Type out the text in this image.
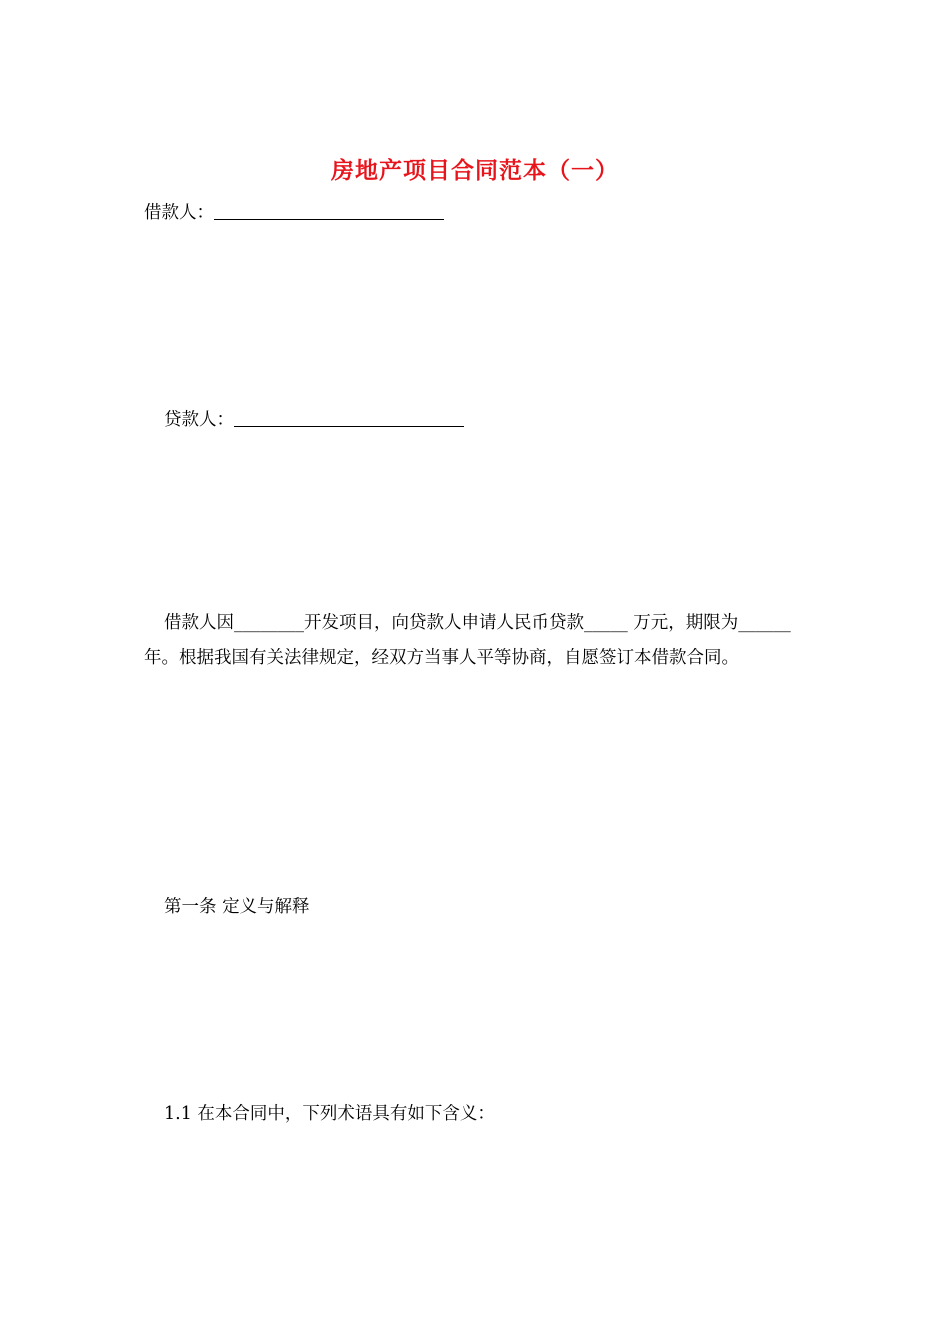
房地产项目合同范本（一）
借款人：
贷款人：
借款人因________开发项目，向贷款人申请人民币贷款_____ 万元，期限为______年。根据我国有关法律规定，经双方当事人平等协商，自愿签订本借款合同。
第一条 定义与解释
1.1 在本合同中，下列术语具有如下含义：
